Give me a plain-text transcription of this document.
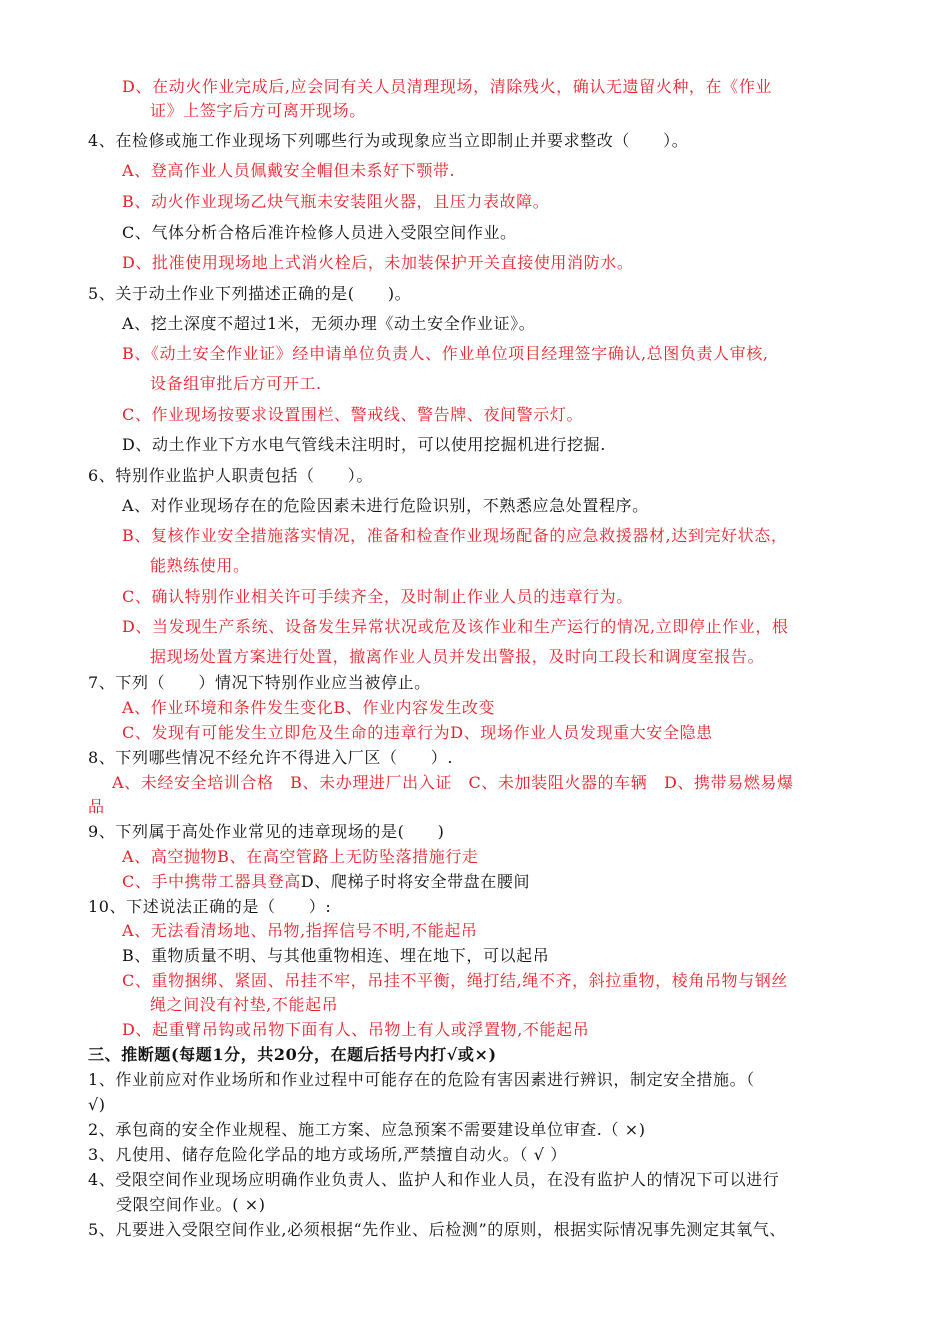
D、在动火作业完成后,应会同有关人员清理现场，清除残火，确认无遗留火种，在《作业
证》上签字后方可离开现场。
4、在检修或施工作业现场下列哪些行为或现象应当立即制止并要求整改（　　）。
A、登高作业人员佩戴安全帽但未系好下颚带.
B、动火作业现场乙炔气瓶未安装阻火器，且压力表故障。
C、气体分析合格后准许检修人员进入受限空间作业。
D、批准使用现场地上式消火栓后，未加装保护开关直接使用消防水。
5、关于动土作业下列描述正确的是(　　)。
A、挖土深度不超过1米，无须办理《动土安全作业证》。
B、《动土安全作业证》经申请单位负责人、作业单位项目经理签字确认,总图负责人审核,
设备组审批后方可开工.
C、作业现场按要求设置围栏、警戒线、警告牌、夜间警示灯。
D、动土作业下方水电气管线未注明时，可以使用挖掘机进行挖掘.
6、特别作业监护人职责包括（　　）。
A、对作业现场存在的危险因素未进行危险识别，不熟悉应急处置程序。
B、复核作业安全措施落实情况，准备和检查作业现场配备的应急救援器材,达到完好状态，
能熟练使用。
C、确认特别作业相关许可手续齐全，及时制止作业人员的违章行为。
D、当发现生产系统、设备发生异常状况或危及该作业和生产运行的情况,立即停止作业，根
据现场处置方案进行处置，撤离作业人员并发出警报，及时向工段长和调度室报告。
7、下列（　　）情况下特别作业应当被停止。
A、作业环境和条件发生变化B、作业内容发生改变
C、发现有可能发生立即危及生命的违章行为D、现场作业人员发现重大安全隐患
8、下列哪些情况不经允许不得进入厂区（　　）.
A、未经安全培训合格　B、未办理进厂出入证　C、未加装阻火器的车辆　D、携带易燃易爆
品
9、下列属于高处作业常见的违章现场的是(　　)
A、高空抛物B、在高空管路上无防坠落措施行走
C、手中携带工器具登高D、爬梯子时将安全带盘在腰间
10、下述说法正确的是（　　）:
A、无法看清场地、吊物,指挥信号不明,不能起吊
B、重物质量不明、与其他重物相连、埋在地下，可以起吊
C、重物捆绑、紧固、吊挂不牢，吊挂不平衡，绳打结,绳不齐，斜拉重物，棱角吊物与钢丝
绳之间没有衬垫,不能起吊
D、起重臂吊钩或吊物下面有人、吊物上有人或浮置物,不能起吊
三、推断题(每题1分，共20分，在题后括号内打√或×)
1、作业前应对作业场所和作业过程中可能存在的危险有害因素进行辨识，制定安全措施。（
√)
2、承包商的安全作业规程、施工方案、应急预案不需要建设单位审查.（ ×)
3、凡使用、储存危险化学品的地方或场所,严禁擅自动火。（ √ ）
4、受限空间作业现场应明确作业负责人、监护人和作业人员，在没有监护人的情况下可以进行
受限空间作业。( ×)
5、凡要进入受限空间作业,必须根据“先作业、后检测”的原则，根据实际情况事先测定其氧气、
